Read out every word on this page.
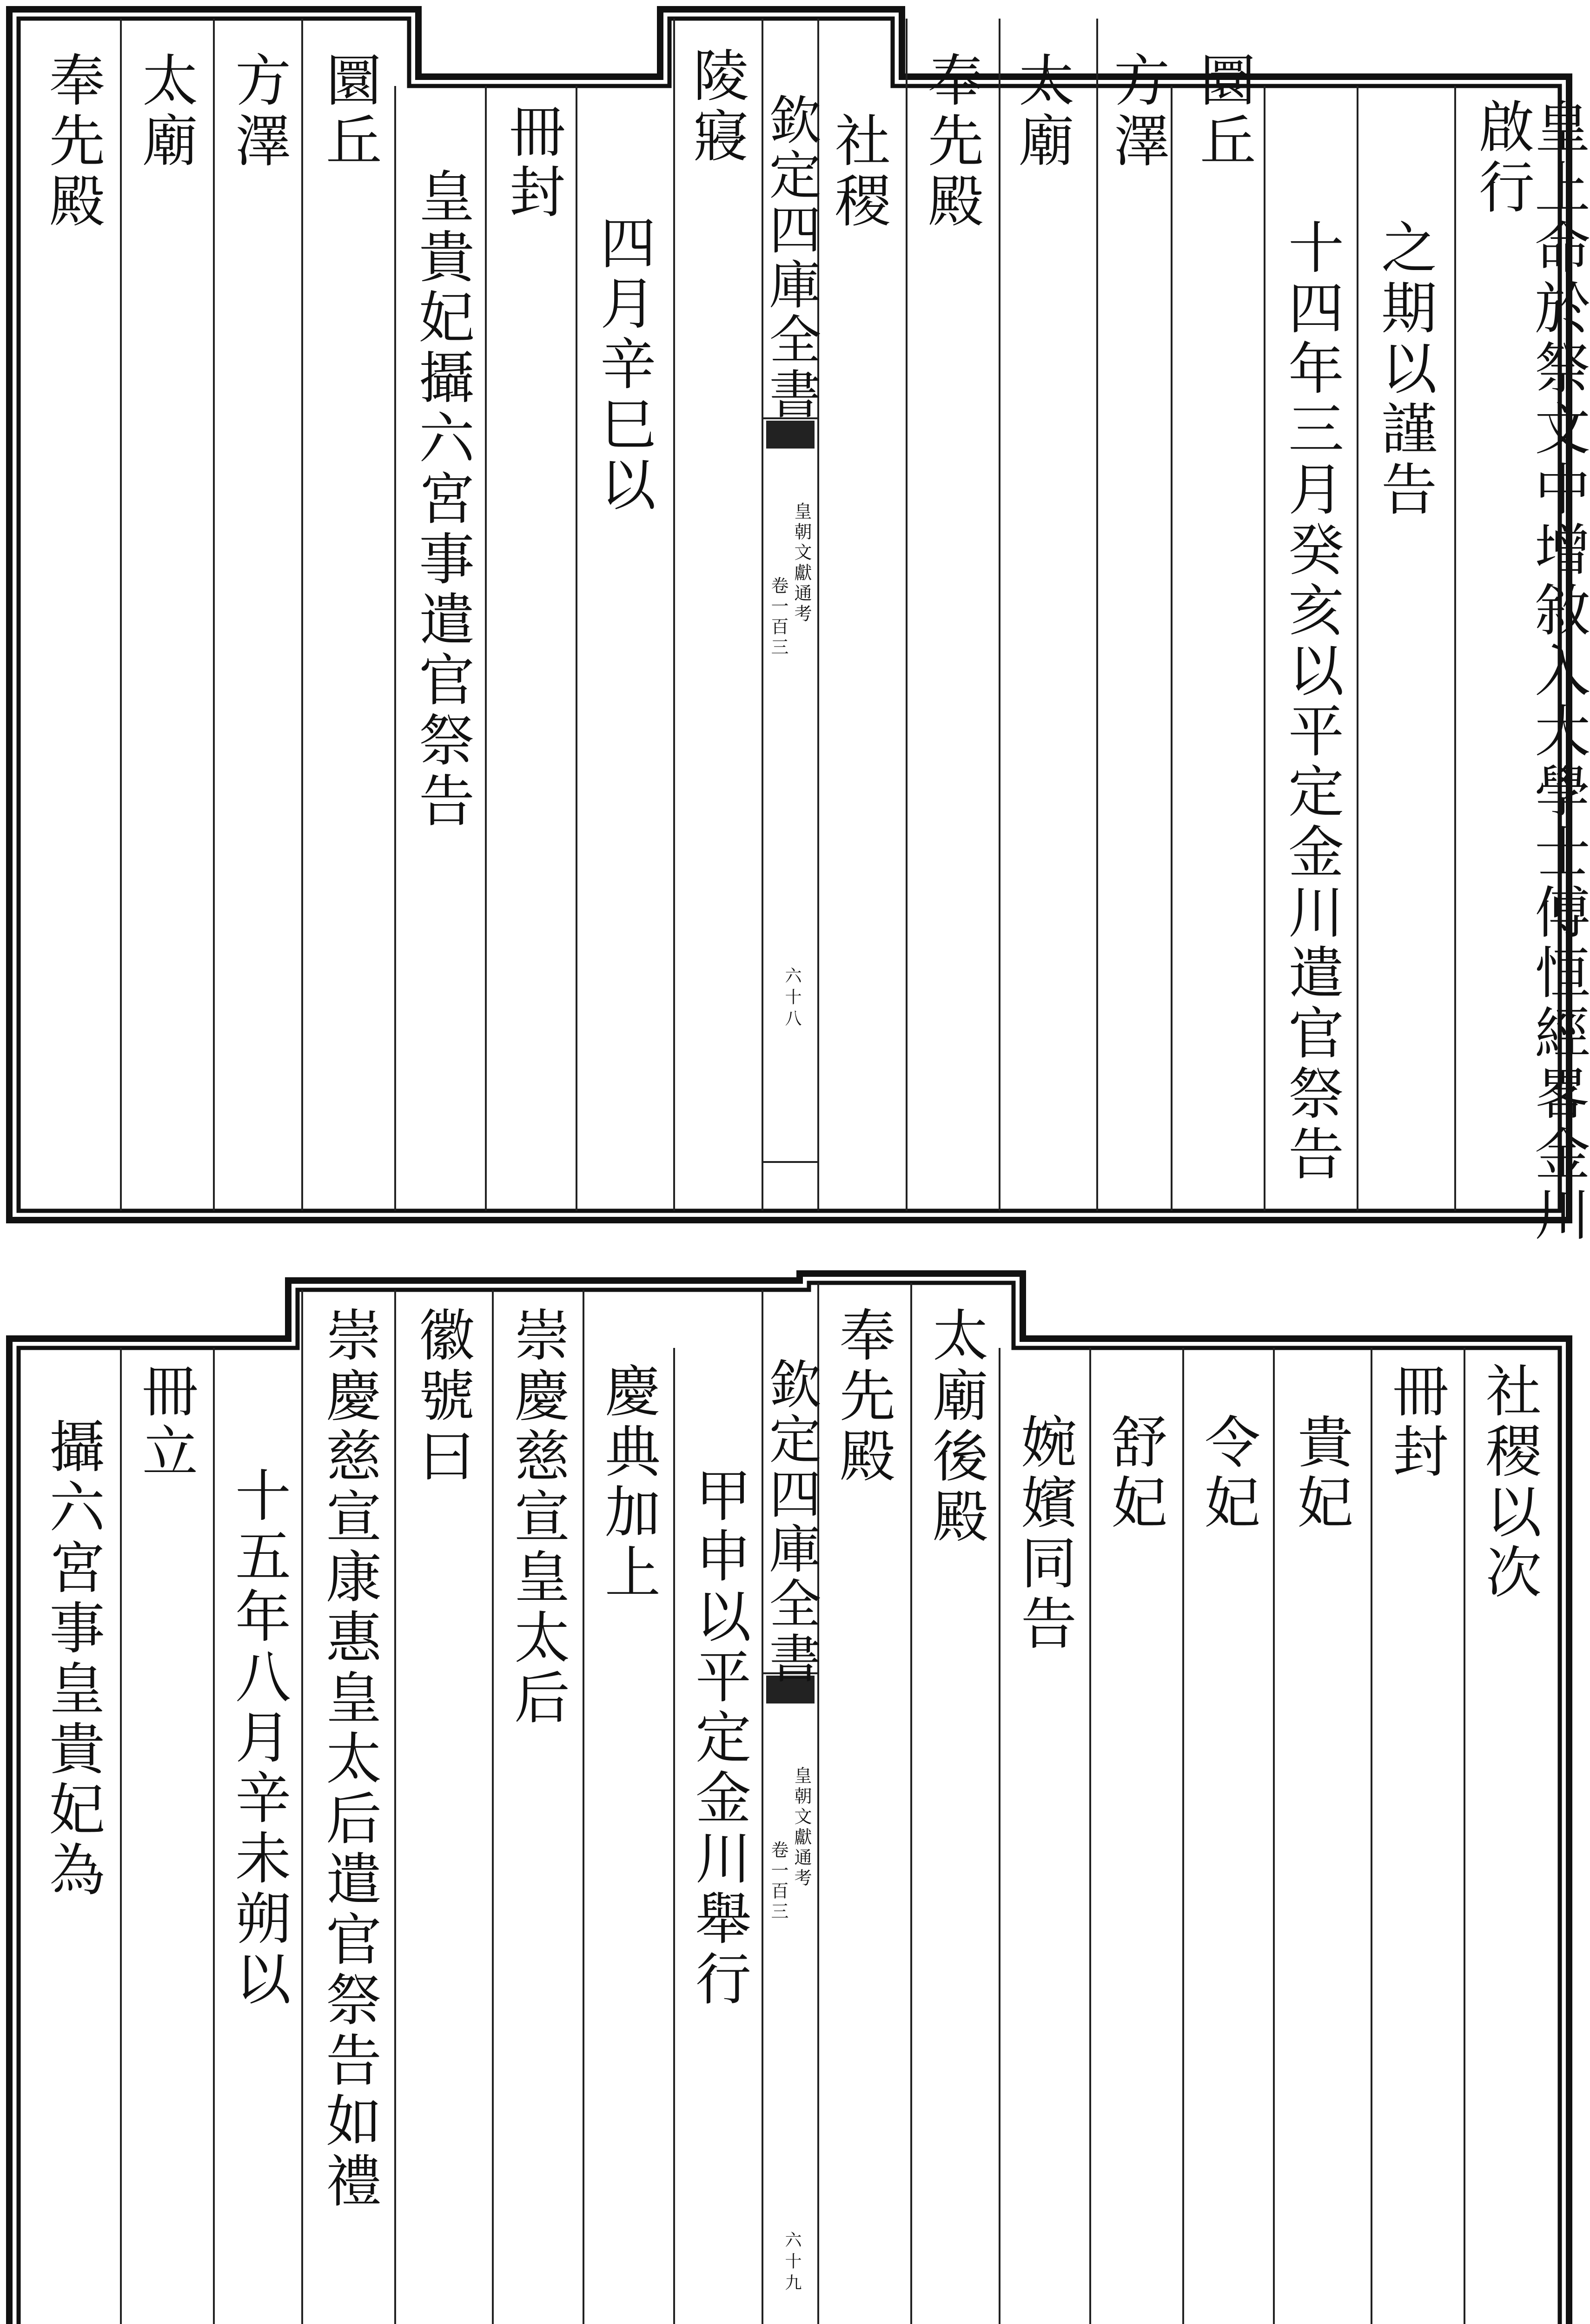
皇上命於祭文中增敘入大學士傅恒經畧金川啟行
之期以謹告
十四年三月癸亥以平定金川遣官祭告
圜丘
方澤
太廟
奉先殿
社稷
欽定四庫全書
皇朝文獻通考
卷一百三
六十八
陵寢
四月辛巳以
冊封
皇貴妃攝六宮事遣官祭告
圜丘
方澤
太廟
奉先殿
社稷以次
冊封
貴妃
令妃
舒妃
婉嬪同告
太廟後殿
奉先殿
欽定四庫全書
皇朝文獻通考
卷一百三
六十九
甲申以平定金川舉行
慶典加上
崇慶慈宣皇太后
徽號曰
崇慶慈宣康惠皇太后遣官祭告如禮
十五年八月辛未朔以
冊立
攝六宮事皇貴妃為
